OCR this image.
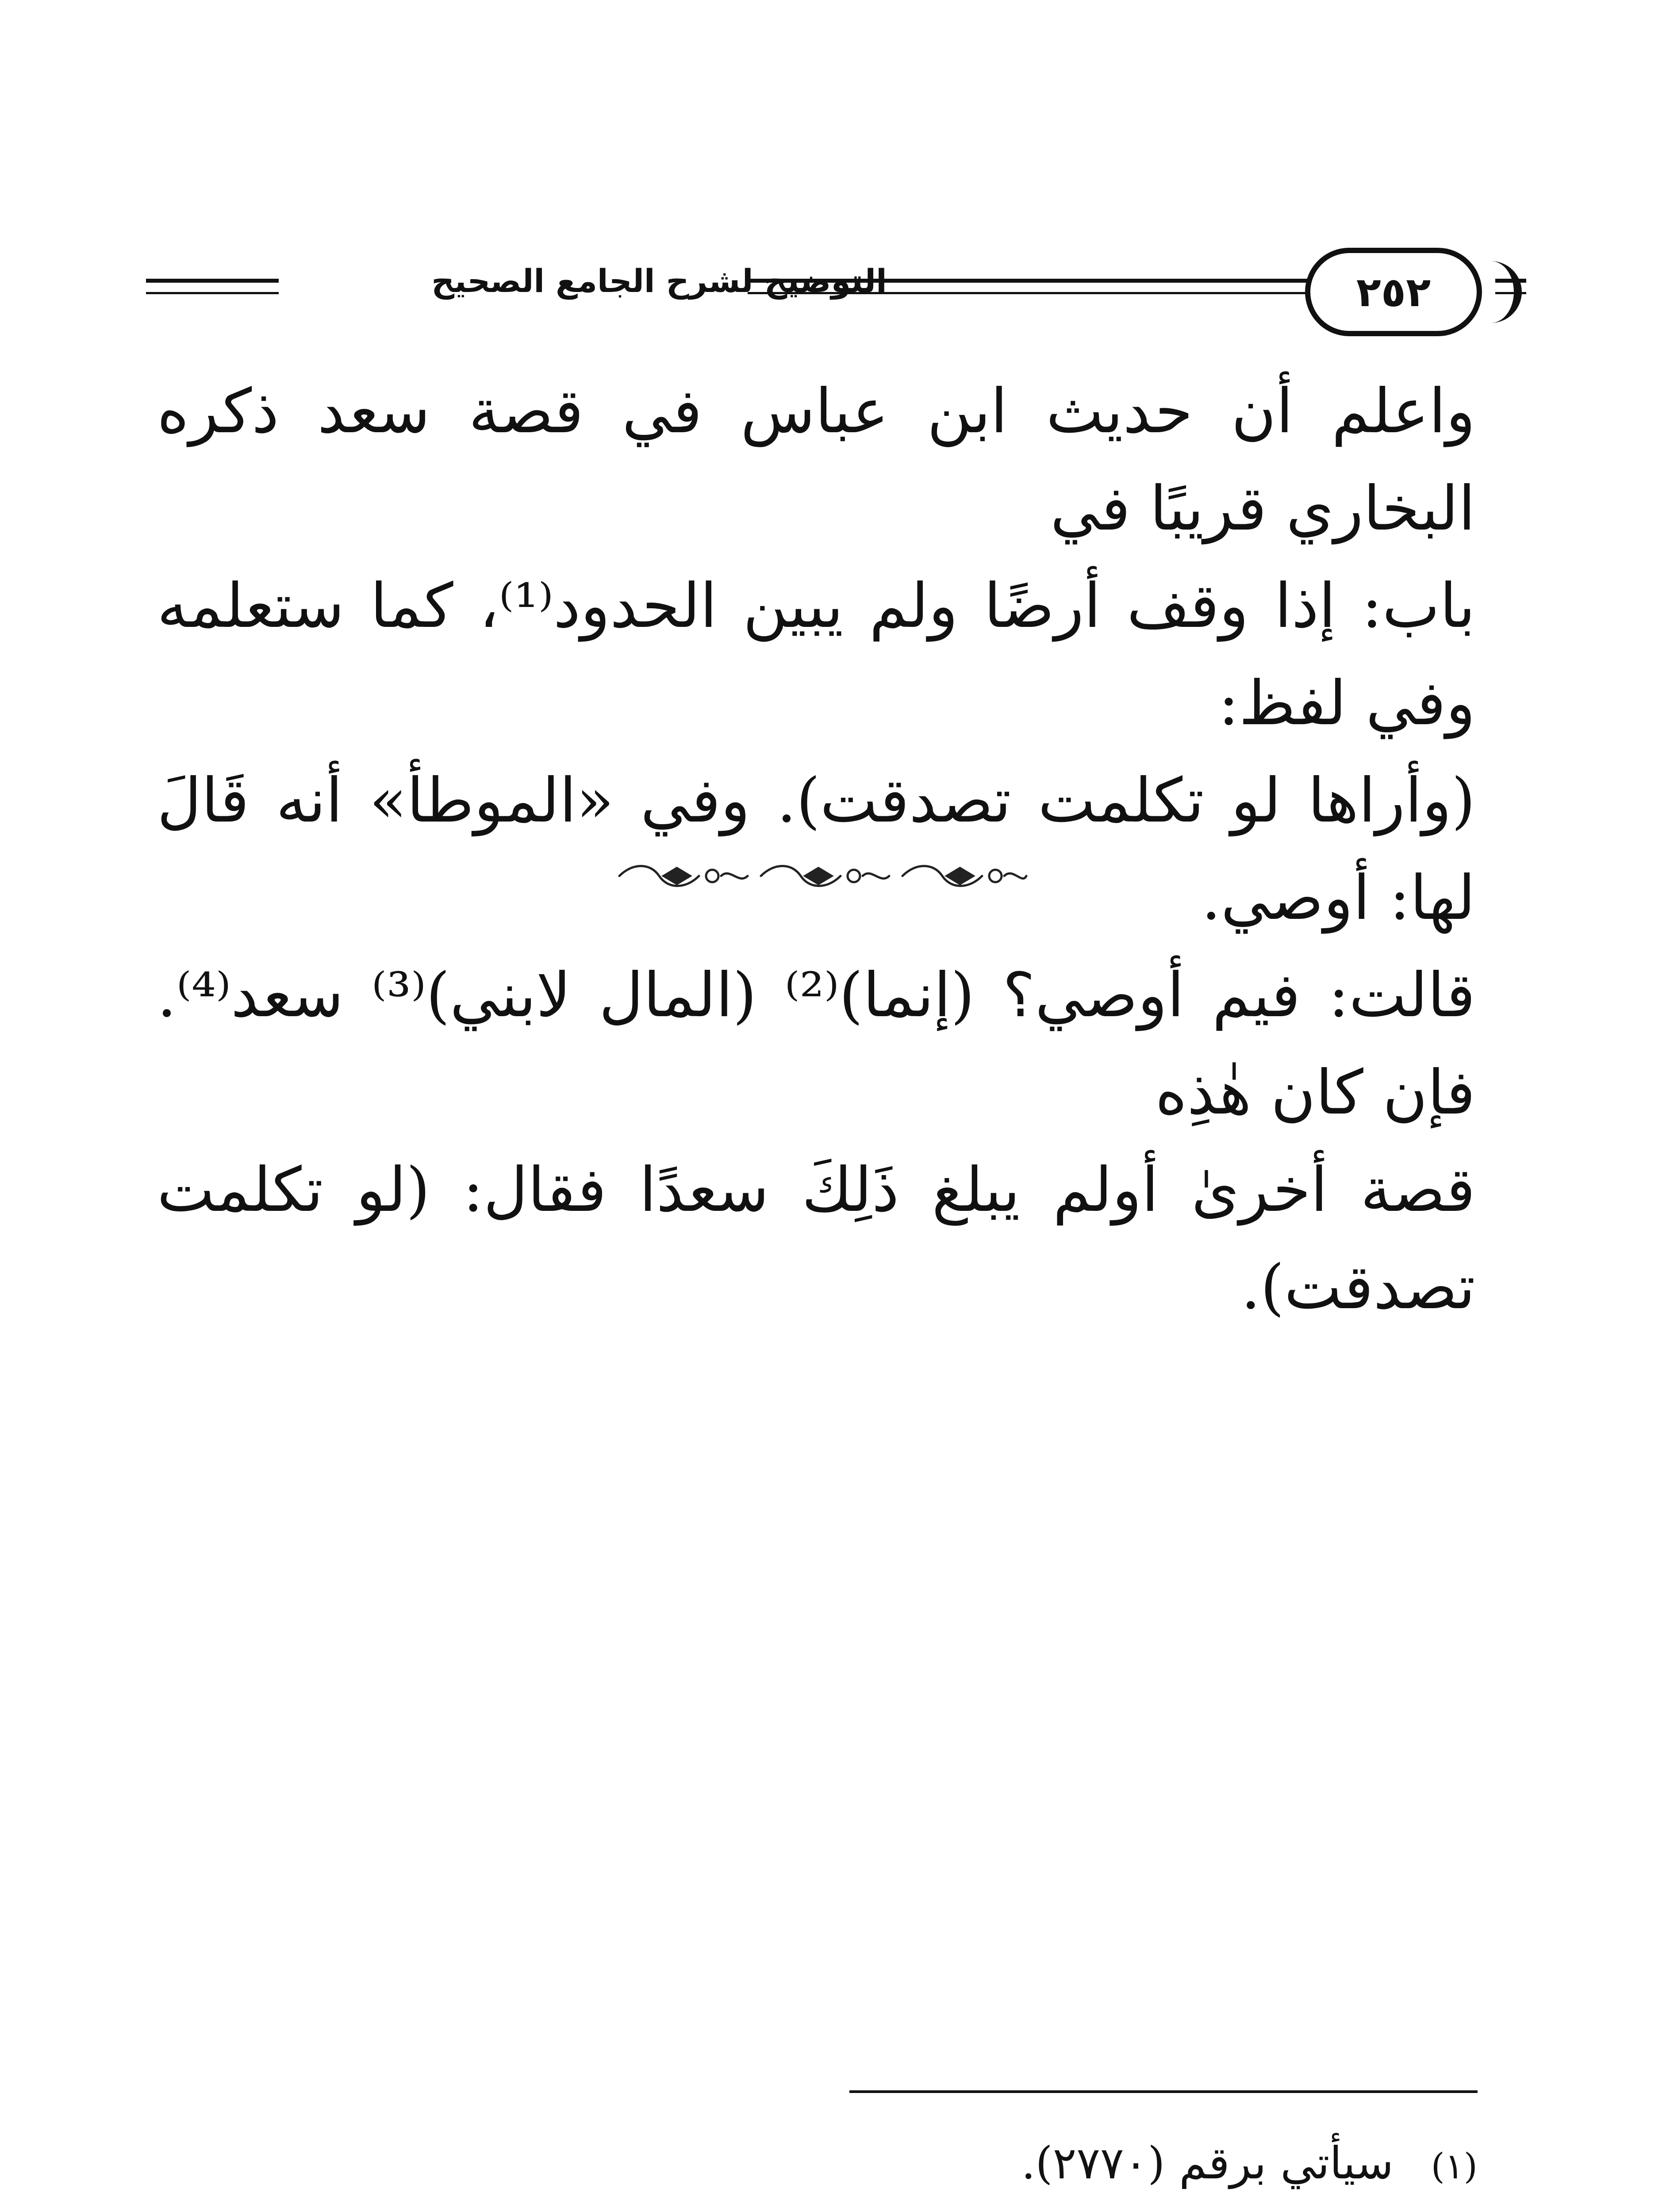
التوضيح لشرح الجامع الصحيح	٢٥٢

واعلم أن حديث ابن عباس في قصة سعد ذكره البخاري قريبًا في

باب: إذا وقف أرضًا ولم يبين الحدود⁽¹⁾، كما ستعلمه وفي لفظ:

(وأراها لو تكلمت تصدقت). وفي «الموطأ» أنه قَالَ لها: أوصي.

قالت: فيم أوصي؟ (إنما)⁽²⁾ (المال لابني)⁽³⁾ سعد⁽⁴⁾. فإن كان هٰذِه

قصة أخرىٰ أولم يبلغ ذَلِكَ سعدًا فقال: (لو تكلمت تصدقت).

(١)
سيأتي برقم (٢٧٧٠).
